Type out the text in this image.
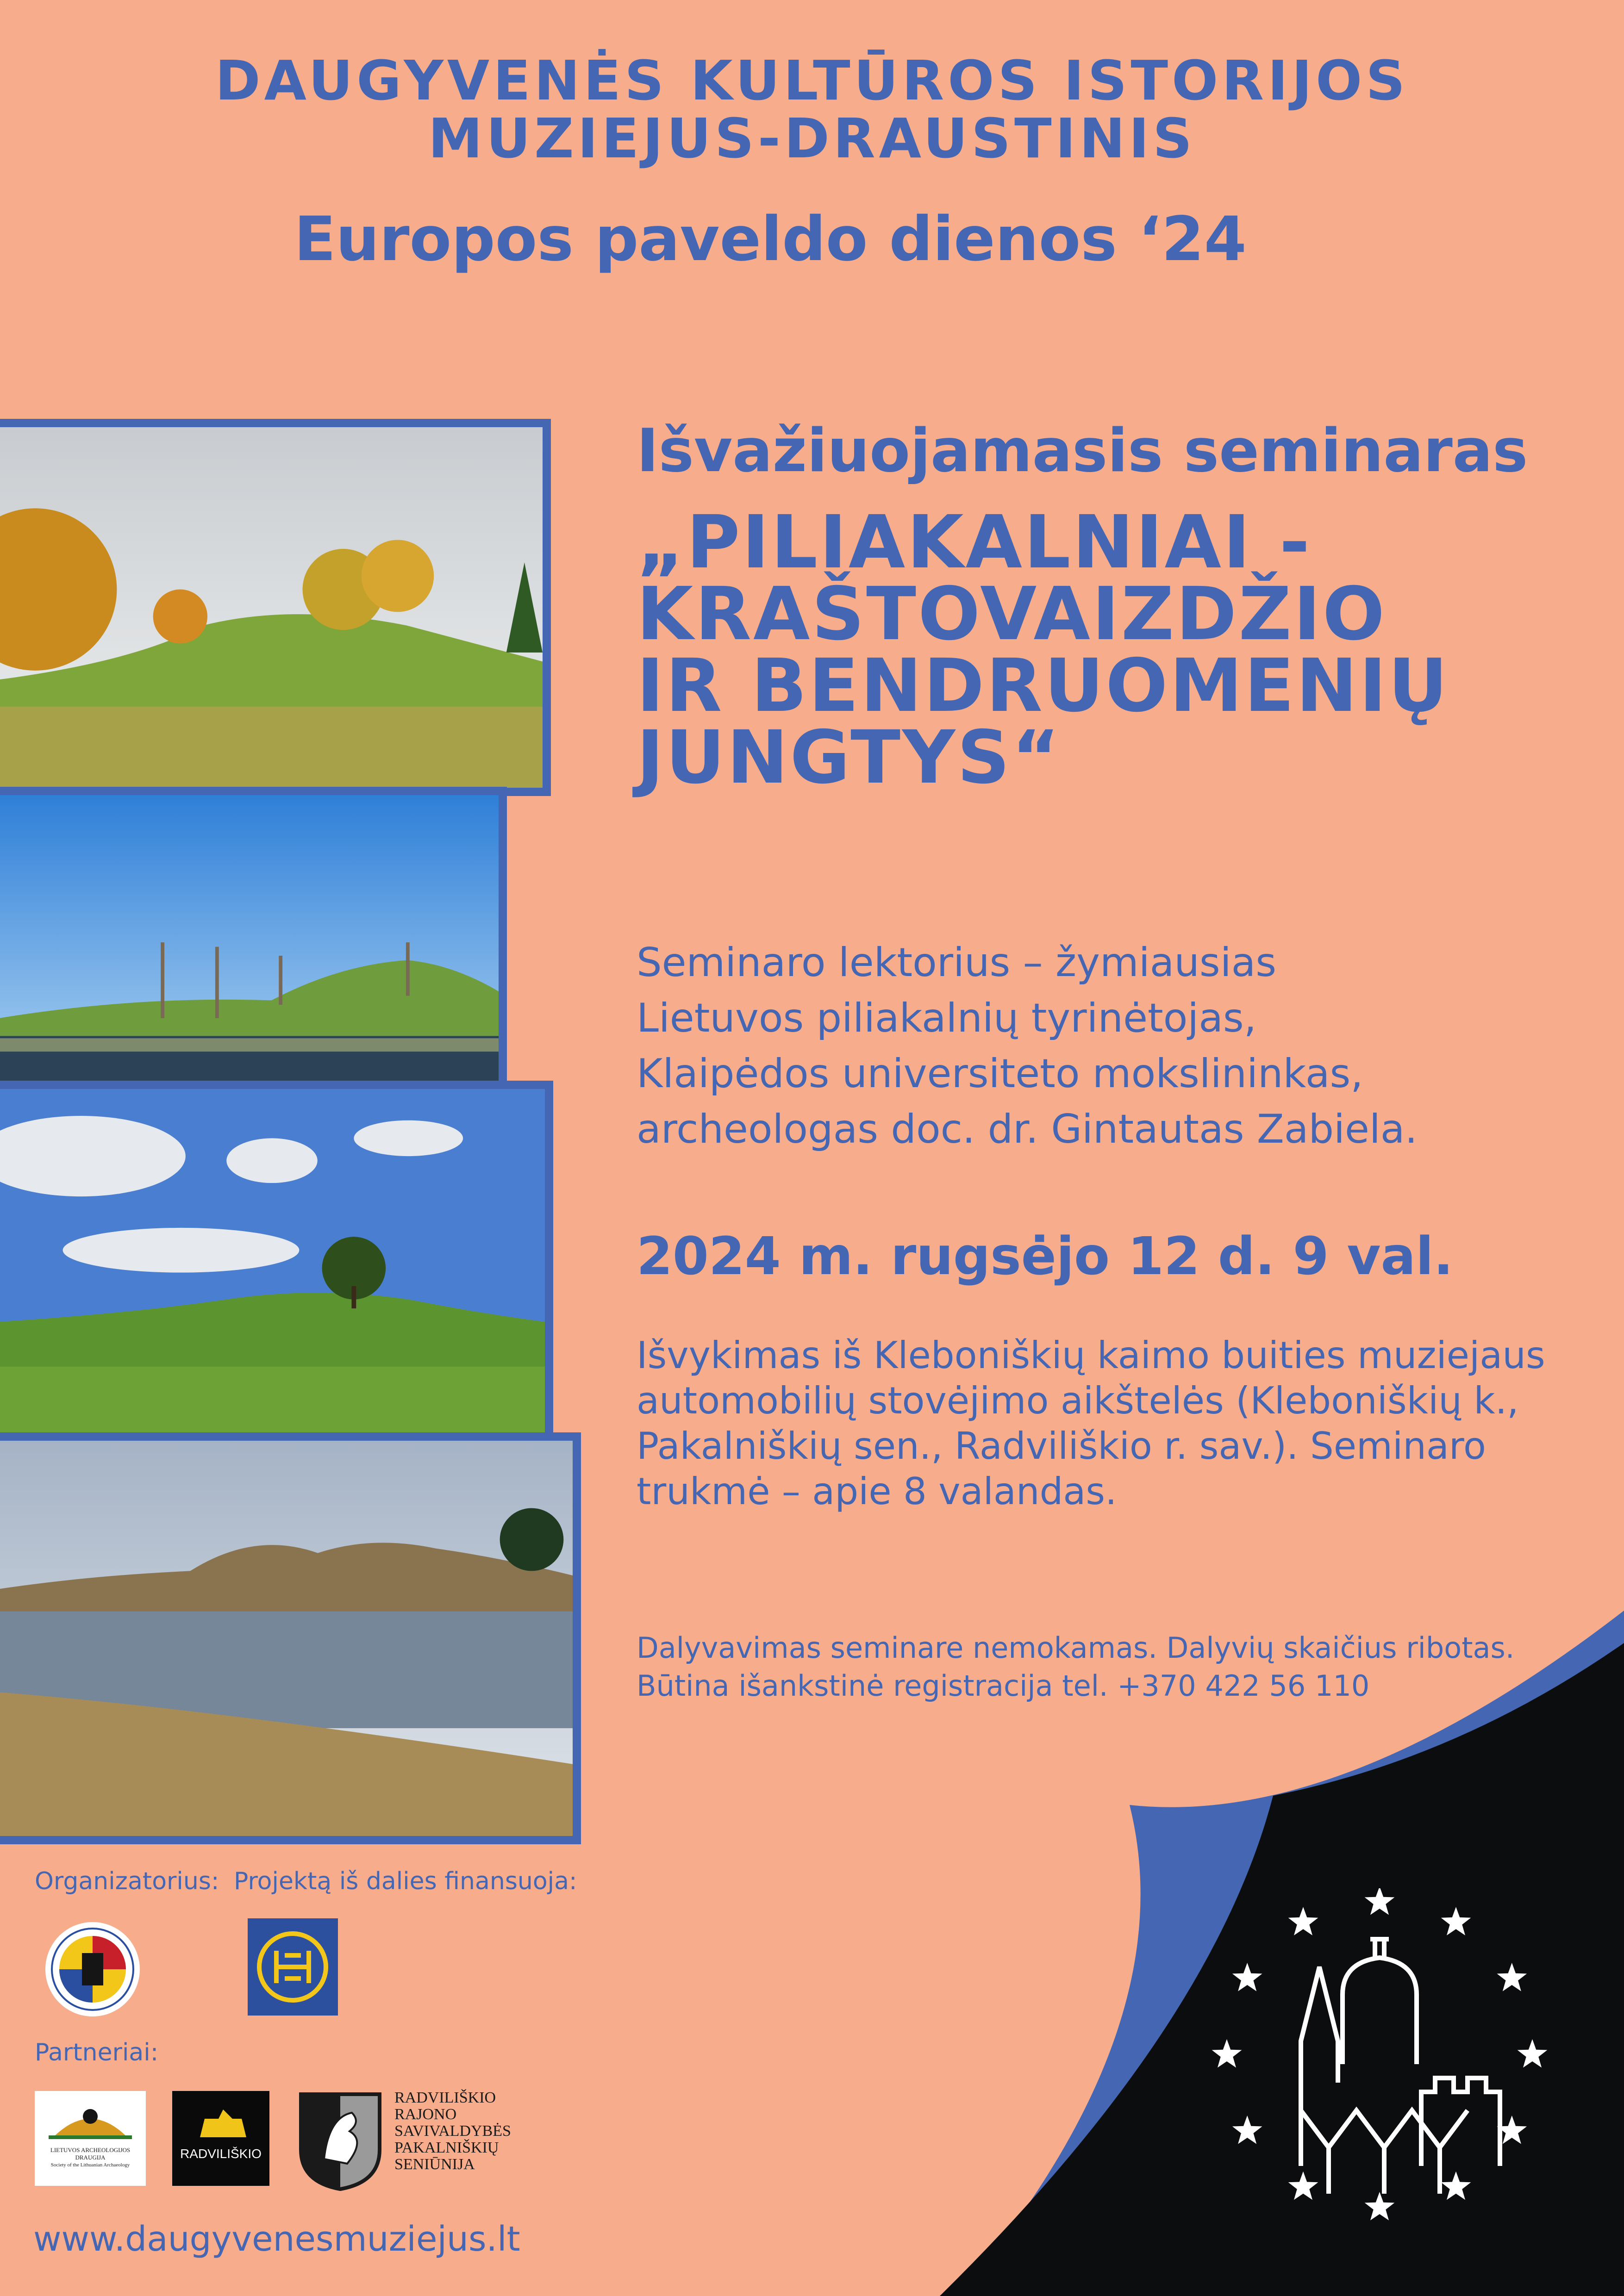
DAUGYVENĖS KULTŪROS ISTORIJOS
MUZIEJUS-DRAUSTINIS
Europos paveldo dienos ‘24
Išvažiuojamasis seminaras
„PILIAKALNIAI -
KRAŠTOVAIZDŽIO
IR BENDRUOMENIŲ
JUNGTYS“
Seminaro lektorius – žymiausias
Lietuvos piliakalnių tyrinėtojas,
Klaipėdos universiteto mokslininkas,
archeologas doc. dr. Gintautas Zabiela.
2024 m. rugsėjo 12 d. 9 val.
Išvykimas iš Kleboniškių kaimo buities muziejaus
automobilių stovėjimo aikštelės (Kleboniškių k.,
Pakalniškių sen., Radviliškio r. sav.). Seminaro
trukmė – apie 8 valandas.
Dalyvavimas seminare nemokamas. Dalyvių skaičius ribotas.
Būtina išankstinė registracija tel. +370 422 56 110
Organizatorius: Projektą iš dalies finansuoja:
Partneriai:
LIETUVOS ARCHEOLOGIJOS
DRAUGIJA
Society of the Lithuanian Archaeology
RADVILIŠKIO
RADVILIŠKIO
RAJONO
SAVIVALDYBĖS
PAKALNIŠKIŲ
SENIŪNIJA
www.daugyvenesmuziejus.lt
